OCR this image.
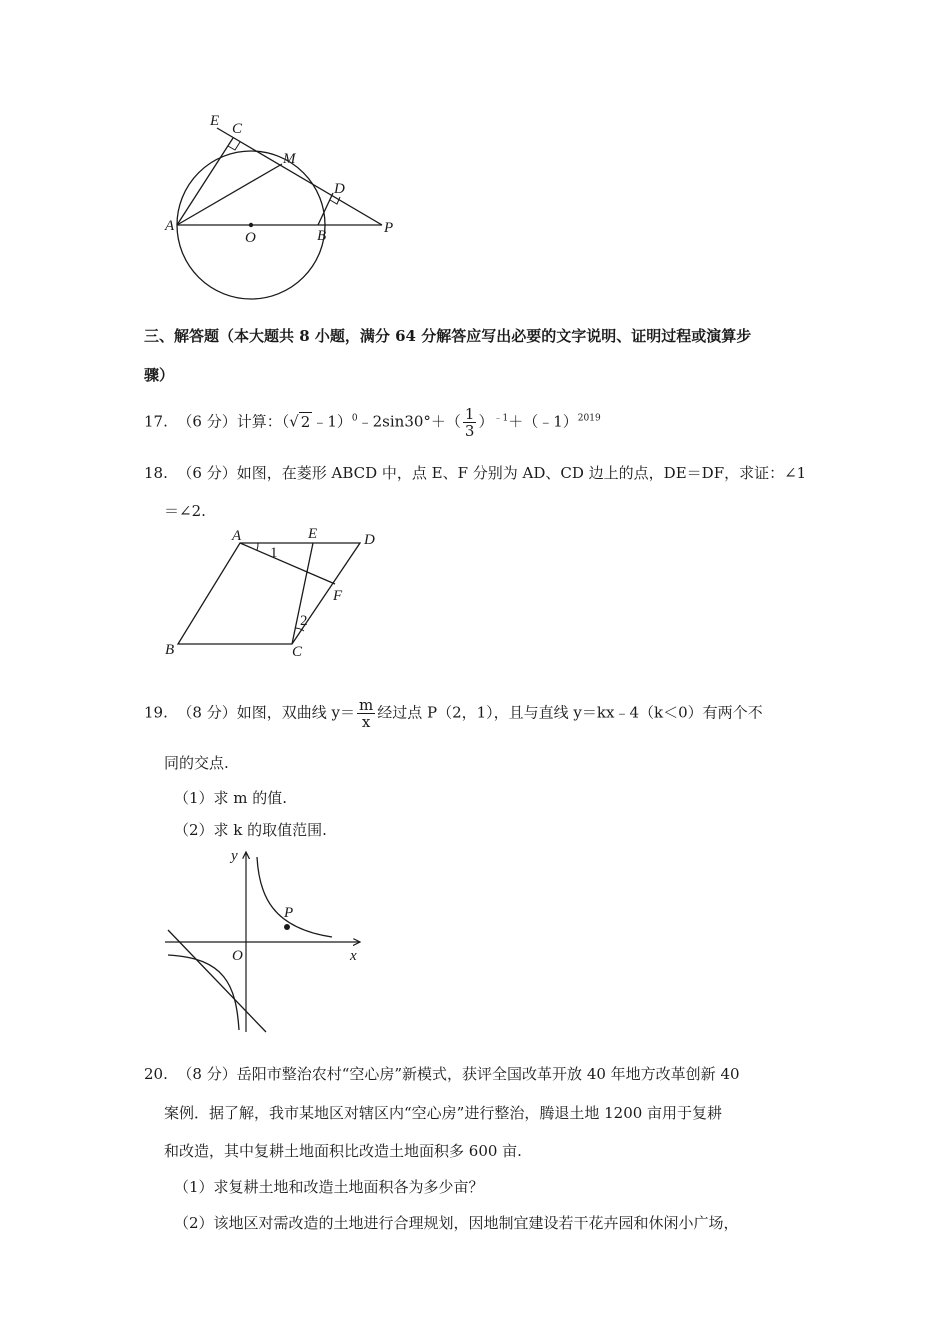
E C
M
D
A
O	B	P
三、解答题（本大题共 8 小题，满分 64 分解答应写出必要的文字说明、证明过程或演算步
骤）
17. （6 分）计算：（√ 2 ﹣1）$^0$﹣2sin30°＋（ $\frac{1}{3}$ ）$^{﹣1}$＋（﹣1）$^{2019}$
18. （6 分）如图，在菱形 ABCD 中，点 E、F 分别为 AD、CD 边上的点，DE＝DF，求证：∠1
＝∠2.
A	E	D
F
B	C
1
2
19. （8 分）如图，双曲线 $y= \frac{m}{x}$ 经过点 P（2，1），且与直线 y＝kx﹣4（k＜0）有两个不
同的交点.
（1）求 m 的值.
（2）求 k 的取值范围.
y
x
O
P
20. （8 分）岳阳市整治农村“空心房”新模式，获评全国改革开放 40 年地方改革创新 40
案例．据了解，我市某地区对辖区内“空心房”进行整治，腾退土地 1200 亩用于复耕
和改造，其中复耕土地面积比改造土地面积多 600 亩.
（1）求复耕土地和改造土地面积各为多少亩？
（2）该地区对需改造的土地进行合理规划，因地制宜建设若干花卉园和休闲小广场，
